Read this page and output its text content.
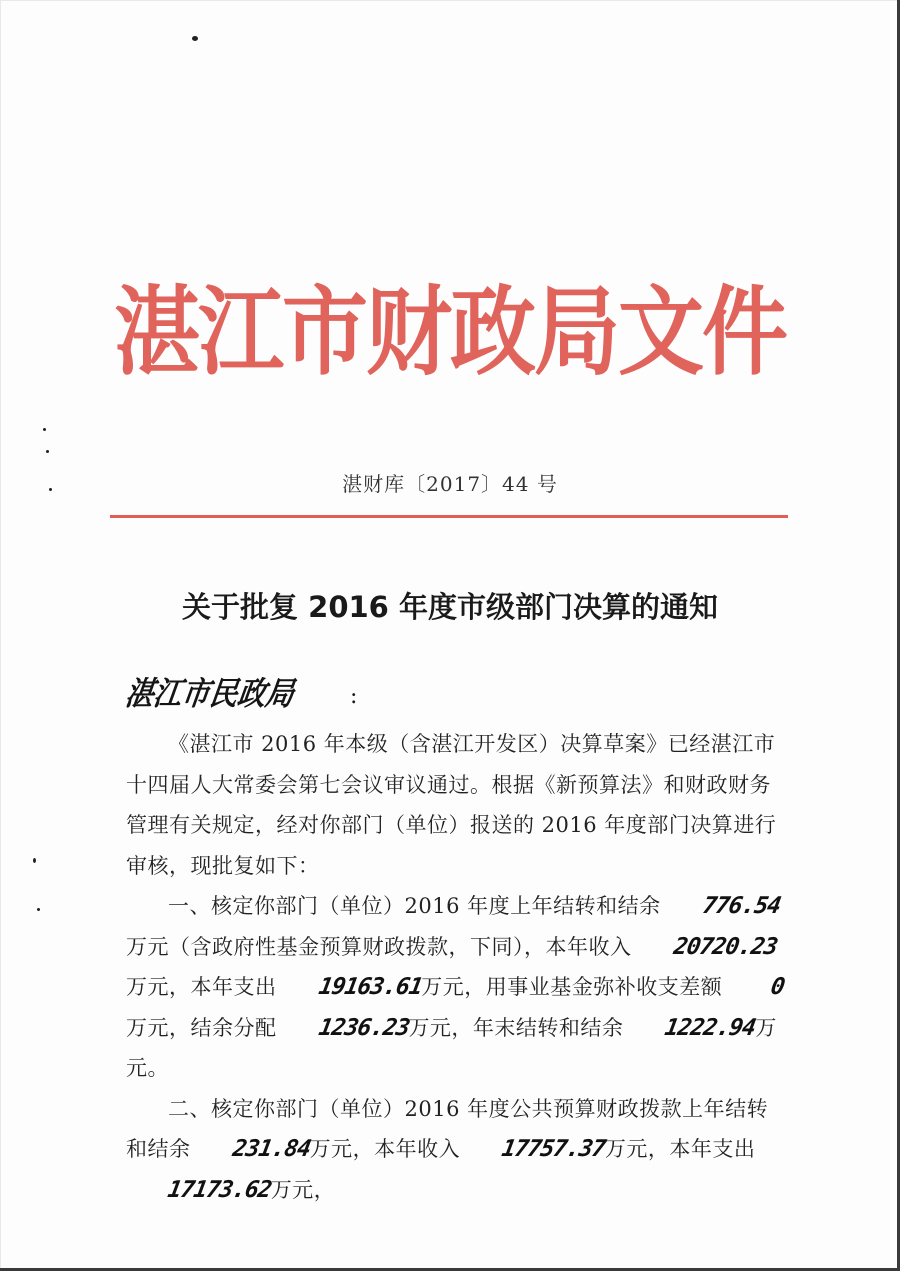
湛江市财政局文件
湛财库〔2017〕44 号
关于批复 2016 年度市级部门决算的通知
湛江市民政局 :

《湛江市 2016 年本级（含湛江开发区）决算草案》已经湛江市十四届人大常委会第七会议审议通过。根据《新预算法》和财政财务管理有关规定，经对你部门（单位）报送的 2016 年度部门决算进行审核，现批复如下：

一、核定你部门（单位）2016 年度上年结转和结余 776.54万元（含政府性基金预算财政拨款，下同），本年收入 20720.23万元，本年支出 19163.61万元，用事业基金弥补收支差额 0 万元，结余分配 1236.23万元，年末结转和结余 1222.94万元。

二、核定你部门（单位）2016 年度公共预算财政拨款上年结转和结余 231.84万元，本年收入 17757.37万元，本年支出17173.62万元，
